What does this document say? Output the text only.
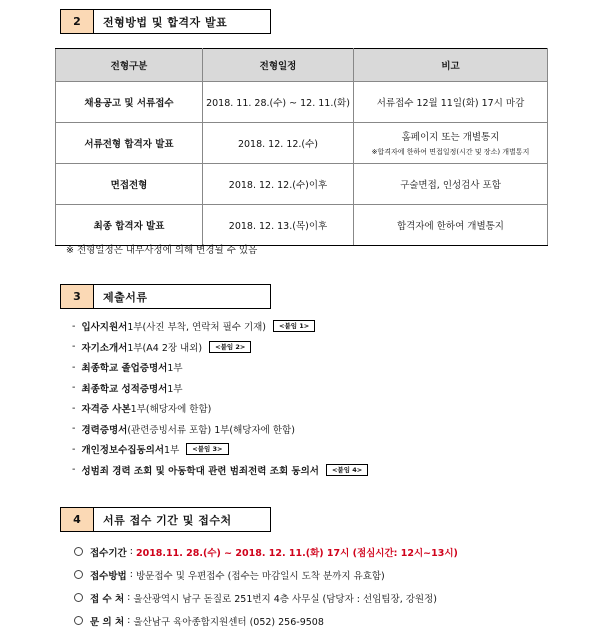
2	전형방법 및 합격자 발표
전형구분	전형일정	비고
채용공고 및 서류접수	2018. 11. 28.(수) ~ 12. 11.(화)	서류접수 12월 11일(화) 17시 마감
서류전형 합격자 발표	2018. 12. 12.(수)	홈페이지 또는 개별통지
※합격자에 한하여 면접일정(시간 및 장소) 개별통지

면접전형	2018. 12. 12.(수)이후	구술면접, 인성검사 포함
최종 합격자 발표	2018. 12. 13.(목)이후	합격자에 한하여 개별통지
※ 전형일정은 내부사정에 의해 변경될 수 있음
3	제출서류
- 입사지원서 1부(사진 부착, 연락처 필수 기재)	<붙임 1>
- 자기소개서 1부(A4 2장 내외)	<붙임 2>
- 최종학교 졸업증명서 1부
- 최종학교 성적증명서 1부
- 자격증 사본 1부(해당자에 한함)
- 경력증명서 (관련증빙서류 포함) 1부(해당자에 한함)
- 개인정보수집동의서 1부	<붙임 3>
- 성범죄 경력 조회 및 아동학대 관련 범죄전력 조회 동의서	<붙임 4>
4	서류 접수 기간 및 접수처
접수기간 : 2018.11. 28.(수) ~ 2018. 12. 11.(화) 17시 (점심시간: 12시~13시)
접수방법 : 방문접수 및 우편접수 (접수는 마감일시 도착 분까지 유효함)
접 수 처 : 울산광역시 남구 돋질로 251번지 4층 사무실 (담당자 : 선임팀장, 강원정)
문 의 처 : 울산남구 육아종합지원센터 (052) 256-9508
